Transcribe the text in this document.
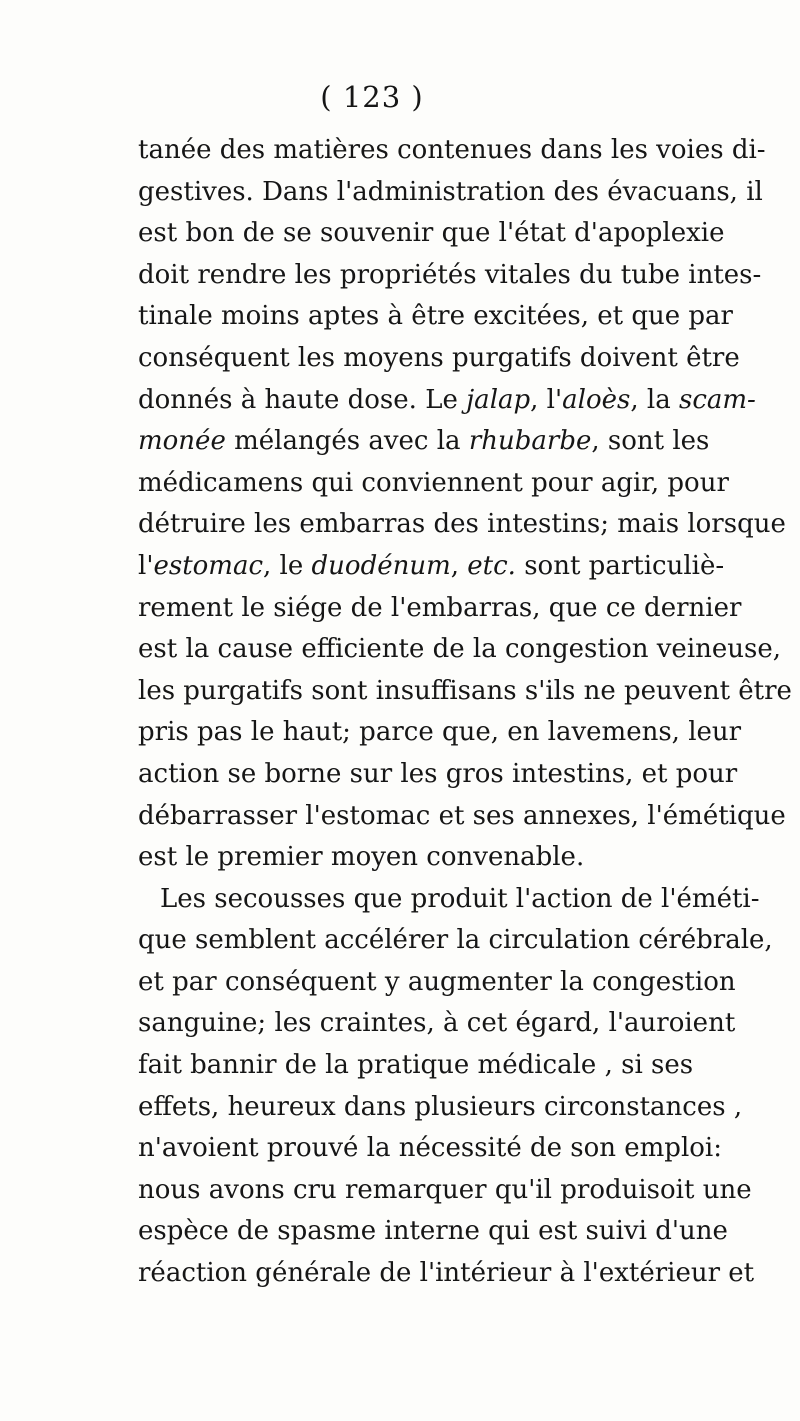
( 123 )
tanée des matières contenues dans les voies di-
gestives. Dans l'administration des évacuans, il
est bon de se souvenir que l'état d'apoplexie
doit rendre les propriétés vitales du tube intes-
tinale moins aptes à être excitées, et que par
conséquent les moyens purgatifs doivent être
donnés à haute dose. Le jalap, l'aloès, la scam-
monée mélangés avec la rhubarbe, sont les
médicamens qui conviennent pour agir, pour
détruire les embarras des intestins; mais lorsque
l'estomac, le duodénum, etc. sont particuliè-
rement le siége de l'embarras, que ce dernier
est la cause efficiente de la congestion veineuse,
les purgatifs sont insuffisans s'ils ne peuvent être
pris pas le haut; parce que, en lavemens, leur
action se borne sur les gros intestins, et pour
débarrasser l'estomac et ses annexes, l'émétique
est le premier moyen convenable.
Les secousses que produit l'action de l'éméti-
que semblent accélérer la circulation cérébrale,
et par conséquent y augmenter la congestion
sanguine; les craintes, à cet égard, l'auroient
fait bannir de la pratique médicale , si ses
effets, heureux dans plusieurs circonstances ,
n'avoient prouvé la nécessité de son emploi:
nous avons cru remarquer qu'il produisoit une
espèce de spasme interne qui est suivi d'une
réaction générale de l'intérieur à l'extérieur et
